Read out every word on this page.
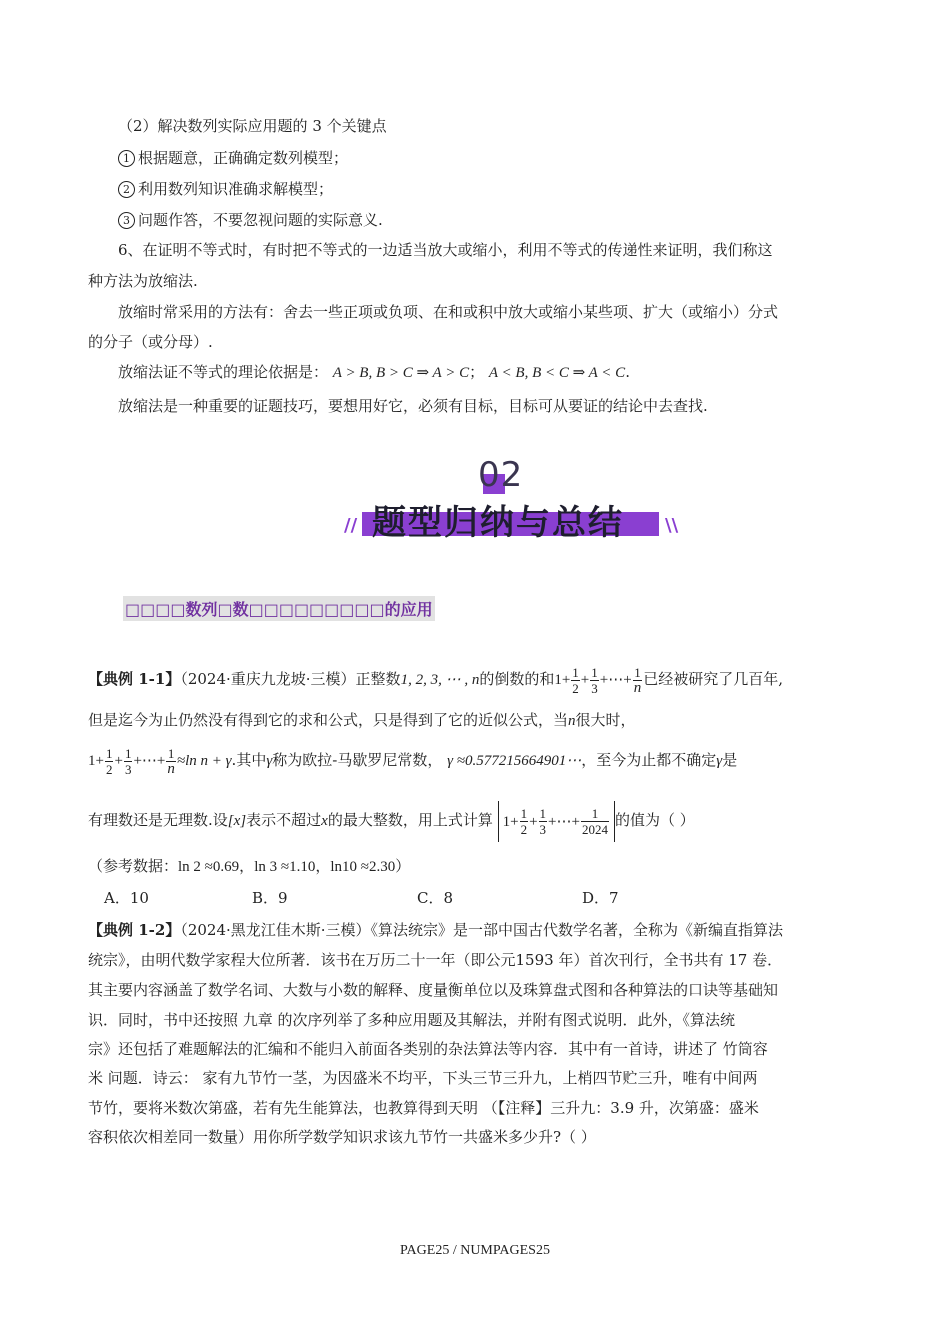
（2）解决数列实际应用题的 3 个关键点
1 根据题意，正确确定数列模型；
2 利用数列知识准确求解模型；
3 问题作答，不要忽视问题的实际意义.
6、在证明不等式时，有时把不等式的一边适当放大或缩小，利用不等式的传递性来证明，我们称这
种方法为放缩法.
放缩时常采用的方法有：舍去一些正项或负项、在和或积中放大或缩小某些项、扩大（或缩小）分式
的分子（或分母）.
放缩法证不等式的理论依据是： A > B, B > C ⇒ A > C； A < B, B < C ⇒ A < C.
放缩法是一种重要的证题技巧，要想用好它，必须有目标，目标可从要证的结论中去查找.
02
题型归纳与总结
//	\\
□□□□数列□数□□□□□□□□□的应用
【典例 1-1】（2024·重庆九龙坡·三模）正整数1, 2, 3, ⋯ , n的倒数的和$1+ \frac{1}{2} + \frac{1}{3}$ +⋯+ $\frac{1}{n}$ 已经被研究了几百年,
但是迄今为止仍然没有得到它的求和公式，只是得到了它的近似公式，当n很大时，
$1+ \frac{1}{2} + \frac{1}{3}$ +⋯+ $\frac{1}{n} \approx\ln$ n + γ.其中γ称为欧拉-马歇罗尼常数， γ ≈0.577215664901⋯，至今为止都不确定γ是
有理数还是无理数.设[x]表示不超过x的最大整数，用上式计算 $1+ \frac{1}{2} + \frac{1}{3}$ +⋯+ $\frac{1}{2024}$ 的值为（ ）
（参考数据：ln 2 ≈0.69，ln 3 ≈1.10，ln10 ≈2.30）
A．10	B．9	C．8	D．7
【典例 1-2】（2024·黑龙江佳木斯·三模）《算法统宗》是一部中国古代数学名著，全称为《新编直指算法
统宗》，由明代数学家程大位所著．该书在万历二十一年（即公元1593 年）首次刊行，全书共有 17 卷．
其主要内容涵盖了数学名词、大数与小数的解释、度量衡单位以及珠算盘式图和各种算法的口诀等基础知
识．同时，书中还按照 九章 的次序列举了多种应用题及其解法，并附有图式说明．此外，《算法统
宗》还包括了难题解法的汇编和不能归入前面各类别的杂法算法等内容．其中有一首诗，讲述了 竹筒容
米 问题．诗云： 家有九节竹一茎，为因盛米不均平，下头三节三升九，上梢四节贮三升，唯有中间两
节竹，要将米数次第盛，若有先生能算法，也教算得到天明 （【注释】三升九：3.9 升，次第盛：盛米
容积依次相差同一数量）用你所学数学知识求该九节竹一共盛米多少升?（ ）
PAGE25 / NUMPAGES25
